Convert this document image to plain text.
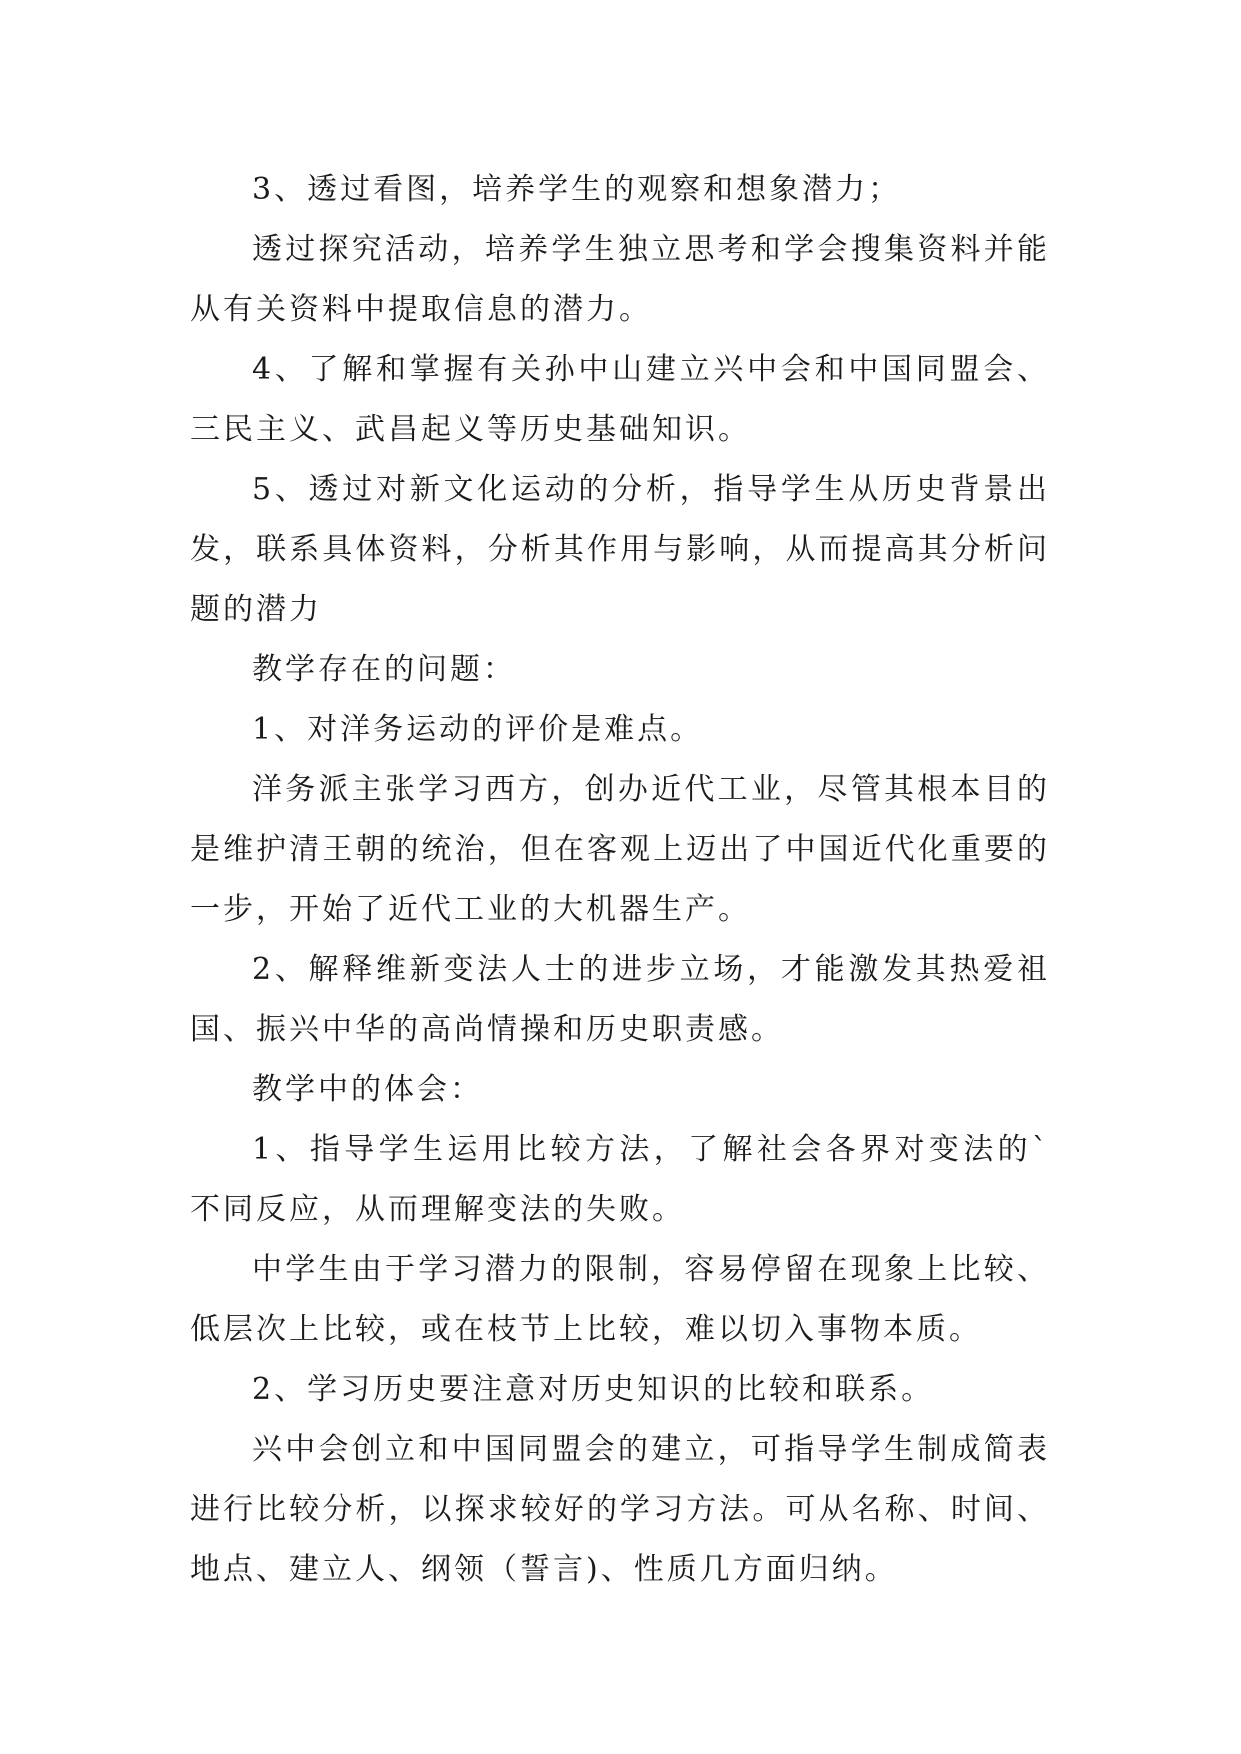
3、透过看图，培养学生的观察和想象潜力；

透过探究活动，培养学生独立思考和学会搜集资料并能从有关资料中提取信息的潜力。

4、了解和掌握有关孙中山建立兴中会和中国同盟会、三民主义、武昌起义等历史基础知识。

5、透过对新文化运动的分析，指导学生从历史背景出发，联系具体资料，分析其作用与影响，从而提高其分析问题的潜力

教学存在的问题：

1、对洋务运动的评价是难点。

洋务派主张学习西方，创办近代工业，尽管其根本目的是维护清王朝的统治，但在客观上迈出了中国近代化重要的一步，开始了近代工业的大机器生产。

2、解释维新变法人士的进步立场，才能激发其热爱祖国、振兴中华的高尚情操和历史职责感。

教学中的体会：

1、指导学生运用比较方法，了解社会各界对变法的`不同反应，从而理解变法的失败。

中学生由于学习潜力的限制，容易停留在现象上比较、低层次上比较，或在枝节上比较，难以切入事物本质。

2、学习历史要注意对历史知识的比较和联系。

兴中会创立和中国同盟会的建立，可指导学生制成简表进行比较分析，以探求较好的学习方法。可从名称、时间、地点、建立人、纲领（誓言)、性质几方面归纳。
